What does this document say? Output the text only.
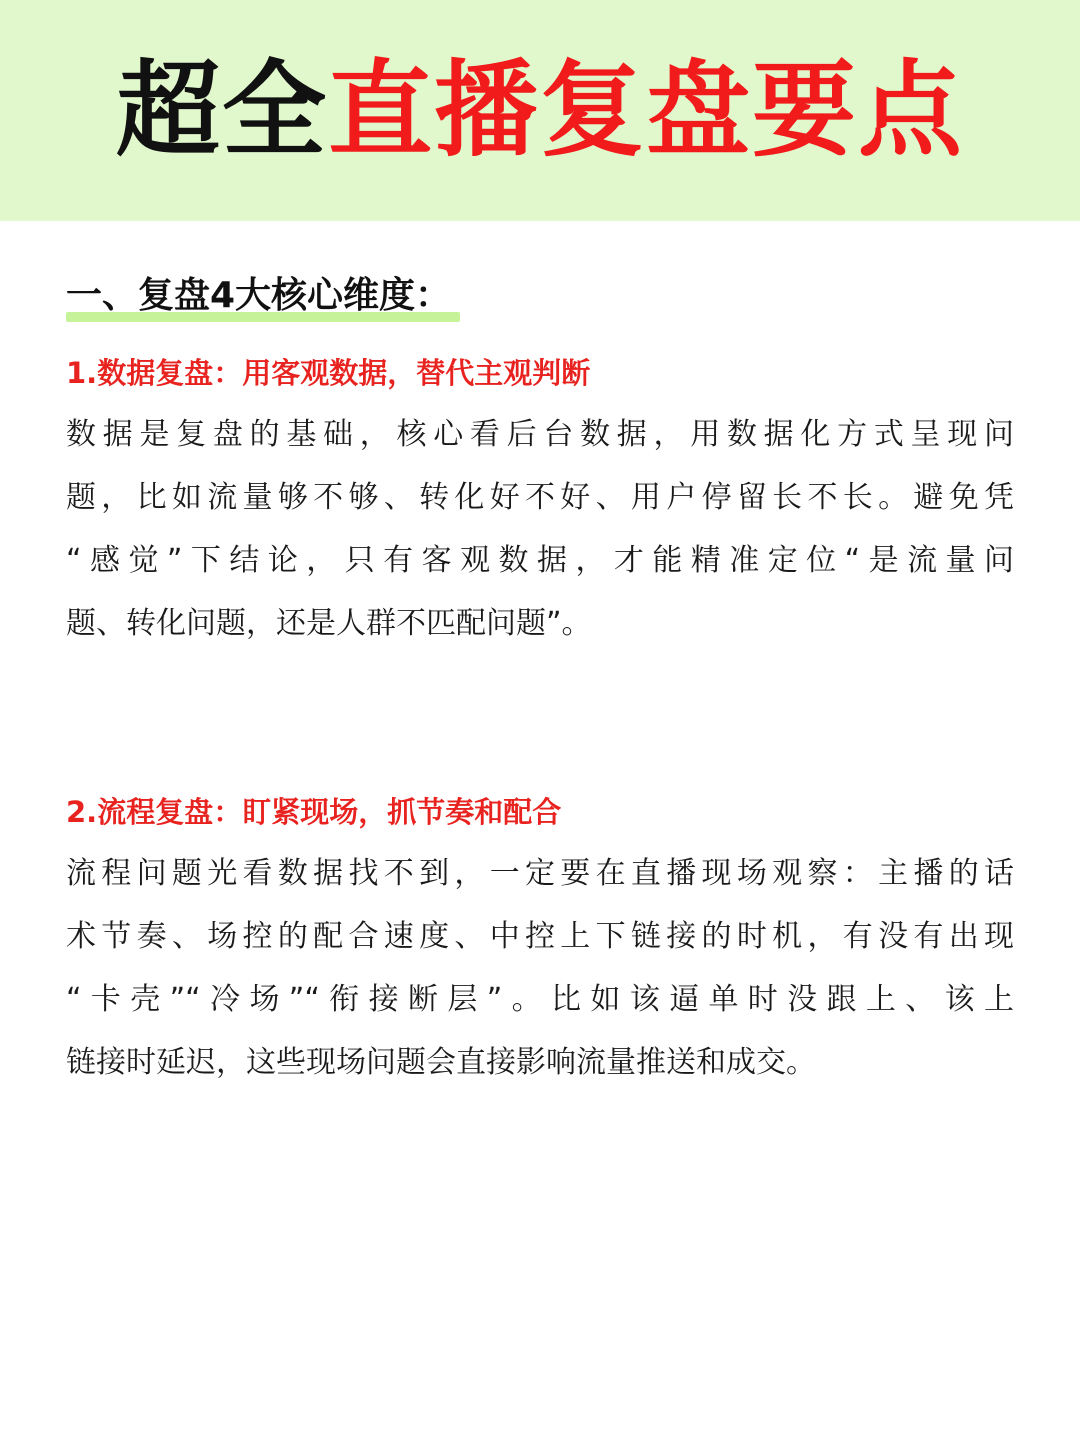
超全直播复盘要点
一、复盘4大核心维度：
1.数据复盘：用客观数据，替代主观判断
数据是复盘的基础，核心看后台数据，用数据化方式呈现问
题，比如流量够不够、转化好不好、用户停留长不长。避免凭
“感觉”下结论，只有客观数据，才能精准定位“是流量问
题、转化问题，还是人群不匹配问题”。
2.流程复盘：盯紧现场，抓节奏和配合
流程问题光看数据找不到，一定要在直播现场观察：主播的话
术节奏、场控的配合速度、中控上下链接的时机，有没有出现
“卡壳”“冷场”“衔接断层”。比如该逼单时没跟上、该上
链接时延迟，这些现场问题会直接影响流量推送和成交。
